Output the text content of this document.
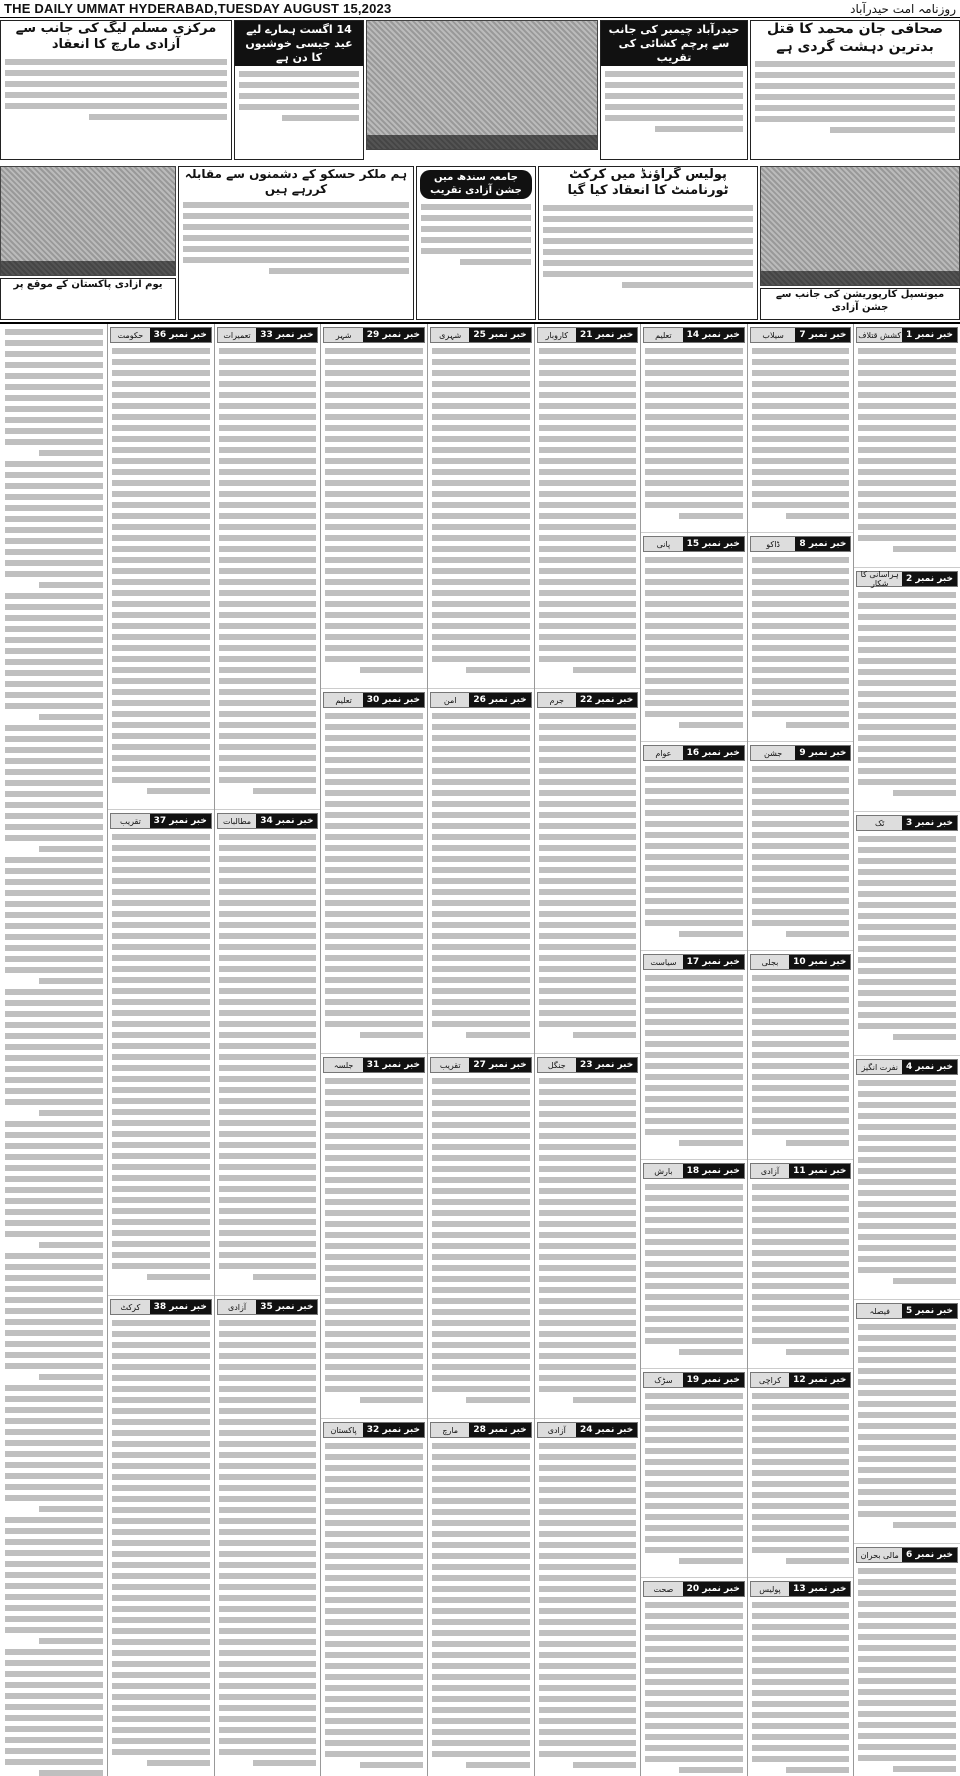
THE DAILY UMMAT HYDERABAD,TUESDAY AUGUST 15,2023	روزنامہ امت حیدرآباد
صحافی جان محمد کا قتل بدترین دہشت گردی ہے
حیدرآباد چیمبر کی جانب سے پرچم کشائی کی تقریب
14 اگست ہمارے لیے عید جیسی خوشیوں کا دن ہے
مرکزی مسلم لیگ کی جانب سے آزادی مارچ کا انعقاد
میونسپل کارپوریشن کی جانب سے جشن آزادی
پولیس گراؤنڈ میں کرکٹ ٹورنامنٹ کا انعقاد کیا گیا
جامعہ سندھ میں جشن آزادی تقریب
ہم ملکر حسکو کے دشمنوں سے مقابلہ کررہے ہیں
یوم آزادی پاکستان کے موقع پر
خبر نمبر 1
کشش قتلاف
خبر نمبر 2
ہراسانی کا شکار
خبر نمبر 3
ٹک
خبر نمبر 4
نفرت انگیز
خبر نمبر 5
فیصلہ
خبر نمبر 6
مالی بحران
خبر نمبر 7
سیلاب
خبر نمبر 8
ڈاکو
خبر نمبر 9
جشن
خبر نمبر 10
بجلی
خبر نمبر 11
آزادی
خبر نمبر 12
کراچی
خبر نمبر 13
پولیس
خبر نمبر 14
تعلیم
خبر نمبر 15
پانی
خبر نمبر 16
عوام
خبر نمبر 17
سیاست
خبر نمبر 18
بارش
خبر نمبر 19
سڑک
خبر نمبر 20
صحت
خبر نمبر 21
کاروبار
خبر نمبر 22
جرم
خبر نمبر 23
جنگل
خبر نمبر 24
آزادی
خبر نمبر 25
شہری
خبر نمبر 26
امن
خبر نمبر 27
تقریب
خبر نمبر 28
مارچ
خبر نمبر 29
شہر
خبر نمبر 30
تعلیم
خبر نمبر 31
جلسہ
خبر نمبر 32
پاکستان
خبر نمبر 33
تعمیرات
خبر نمبر 34
مطالبات
خبر نمبر 35
آزادی
خبر نمبر 36
حکومت
خبر نمبر 37
تقریب
خبر نمبر 38
کرکٹ
